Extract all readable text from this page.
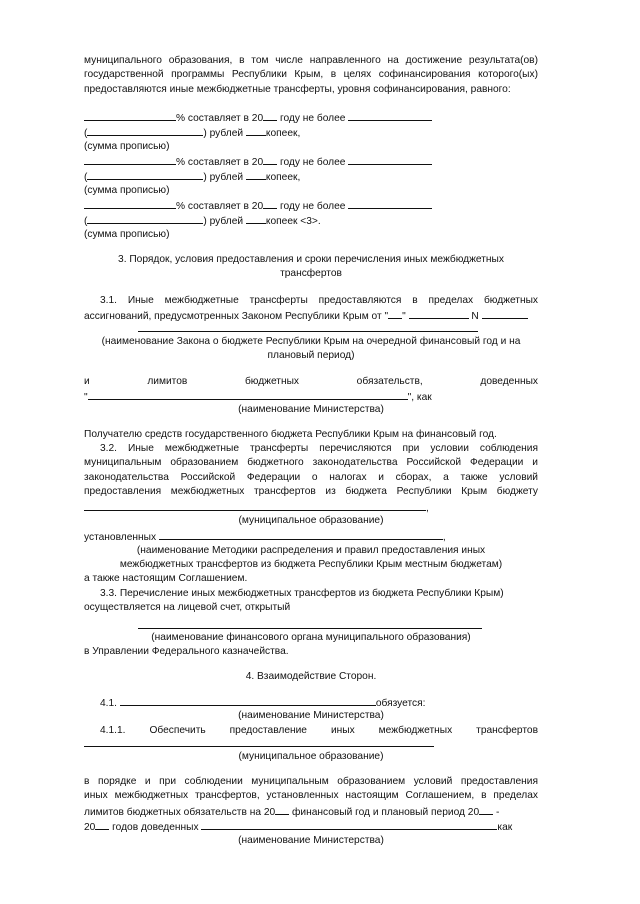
муниципального образования, в том числе направленного на достижение результата(ов)
государственной программы Республики Крым, в целях софинансирования которого(ых)
предоставляются иные межбюджетные трансферты, уровня софинансирования, равного:
% составляет в 20 году не более
(	) рублей копеек,
(сумма прописью)
% составляет в 20 году не более
(	) рублей копеек,
(сумма прописью)
% составляет в 20 году не более
(	) рублей копеек <3>.
(сумма прописью)
3. Порядок, условия предоставления и сроки перечисления иных межбюджетных
трансфертов
3.1. Иные межбюджетные трансферты предоставляются в пределах бюджетных
ассигнований, предусмотренных Законом Республики Крым от " "	N
(наименование Закона о бюджете Республики Крым на очередной финансовый год и на
плановый период)
и лимитов бюджетных обязательств, доведенных
"	", как
(наименование Министерства)
Получателю средств государственного бюджета Республики Крым на финансовый год.
3.2. Иные межбюджетные трансферты перечисляются при условии соблюдения
муниципальным образованием бюджетного законодательства Российской Федерации и
законодательства Российской Федерации о налогах и сборах, а также условий
предоставления межбюджетных трансфертов из бюджета Республики Крым бюджету
,
(муниципальное образование)
установленных	,
(наименование Методики распределения и правил предоставления иных
межбюджетных трансфертов из бюджета Республики Крым местным бюджетам)
а также настоящим Соглашением.
3.3. Перечисление иных межбюджетных трансфертов из бюджета Республики Крым)
осуществляется на лицевой счет, открытый
(наименование финансового органа муниципального образования)
в Управлении Федерального казначейства.
4. Взаимодействие Сторон.
4.1.	обязуется:
(наименование Министерства)
4.1.1. Обеспечить предоставление иных межбюджетных трансфертов
(муниципальное образование)
в порядке и при соблюдении муниципальным образованием условий предоставления
иных межбюджетных трансфертов, установленных настоящим Соглашением, в пределах
лимитов бюджетных обязательств на 20 финансовый год и плановый период 20 -
20 годов доведенных	как
(наименование Министерства)
